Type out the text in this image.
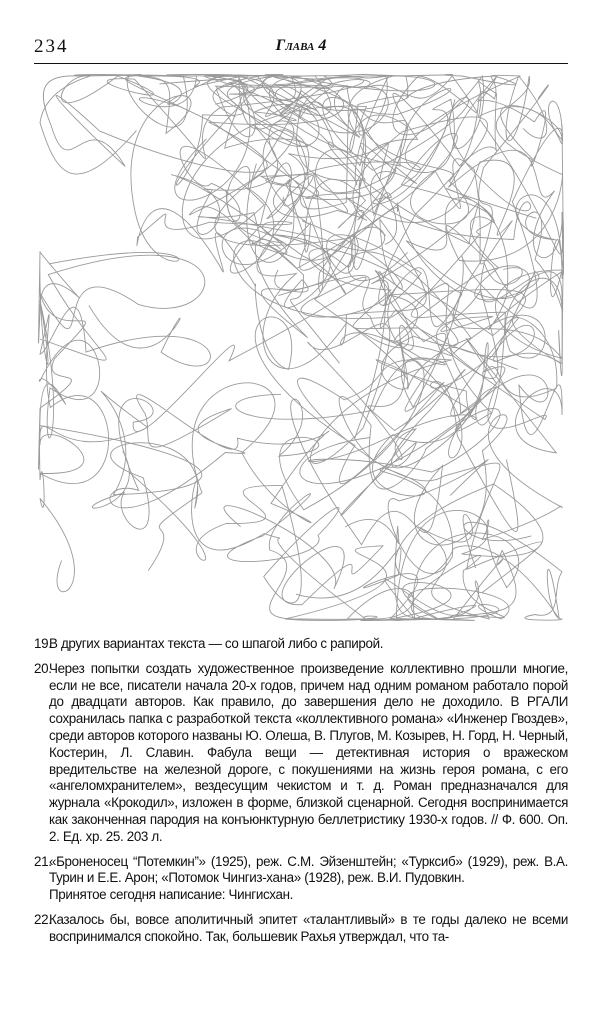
234	Глава 4
19.
В других вариантах текста — со шпагой либо с рапирой.
20.
Через попытки создать художественное произведение коллективно прошли многие, если не все, писатели начала 20-х годов, причем над одним романом работало порой до двадцати авторов. Как правило, до завершения дело не доходило. В РГАЛИ сохранилась папка с разработкой текста «коллективного романа» «Инженер Гвоздев», среди авторов которого названы Ю. Олеша, В. Плугов, М. Козырев, Н. Горд, Н. Черный, Костерин, Л. Славин. Фабула вещи — детективная история о вражеском вредительстве на железной дороге, с покушениями на жизнь героя романа, с его «ангеломхранителем», вездесущим чекистом и т. д. Роман предназначался для журнала «Крокодил», изложен в форме, близкой сценарной. Сегодня воспринимается как законченная пародия на конъюнктурную беллетристику 1930-х годов. // Ф. 600. Оп. 2. Ед. хр. 25. 203 л.
21.
«Броненосец “Потемкин”» (1925), реж. С.М. Эйзенштейн; «Турксиб» (1929), реж. В.А. Турин и Е.Е. Арон; «Потомок Чингиз-хана» (1928), реж. В.И. Пудовкин.
Принятое сегодня написание: Чингисхан.
22.
Казалось бы, вовсе аполитичный эпитет «талантливый» в те годы далеко не всеми воспринимался спокойно. Так, большевик Рахья утверждал, что та-
